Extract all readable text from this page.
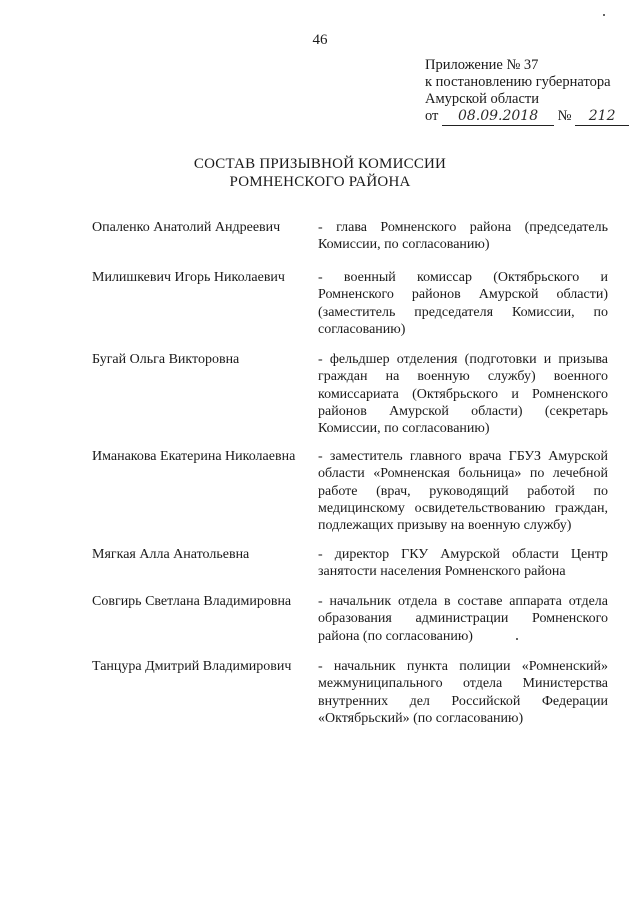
46
Приложение № 37
к постановлению губернатора
Амурской области
от 08.09.2018 № 212
СОСТАВ ПРИЗЫВНОЙ КОМИССИИ
РОМНЕНСКОГО РАЙОНА
Опаленко Анатолий Андреевич	- глава Ромненского района (председатель Комиссии, по согласованию)
Милишкевич Игорь Николаевич	- военный комиссар (Октябрьского и Ромненского районов Амурской области) (заместитель председателя Комиссии, по согласованию)
Бугай Ольга Викторовна	- фельдшер отделения (подготовки и призыва граждан на военную службу) военного комиссариата (Октябрьского и Ромненского районов Амурской области) (секретарь Комиссии, по согласованию)
Иманакова Екатерина Николаевна	- заместитель главного врача ГБУЗ Амурской области «Ромненская больница» по лечебной работе (врач, руководящий работой по медицинскому освидетельствованию граждан, подлежащих призыву на военную службу)
Мягкая Алла Анатольевна	- директор ГКУ Амурской области Центр занятости населения Ромненского района
Совгирь Светлана Владимировна	- начальник отдела в составе аппарата отдела образования администрации Ромненского района (по согласованию)
Танцура Дмитрий Владимирович	- начальник пункта полиции «Ромненский» межмуниципального отдела Министерства внутренних дел Российской Федерации «Октябрьский» (по согласованию)
